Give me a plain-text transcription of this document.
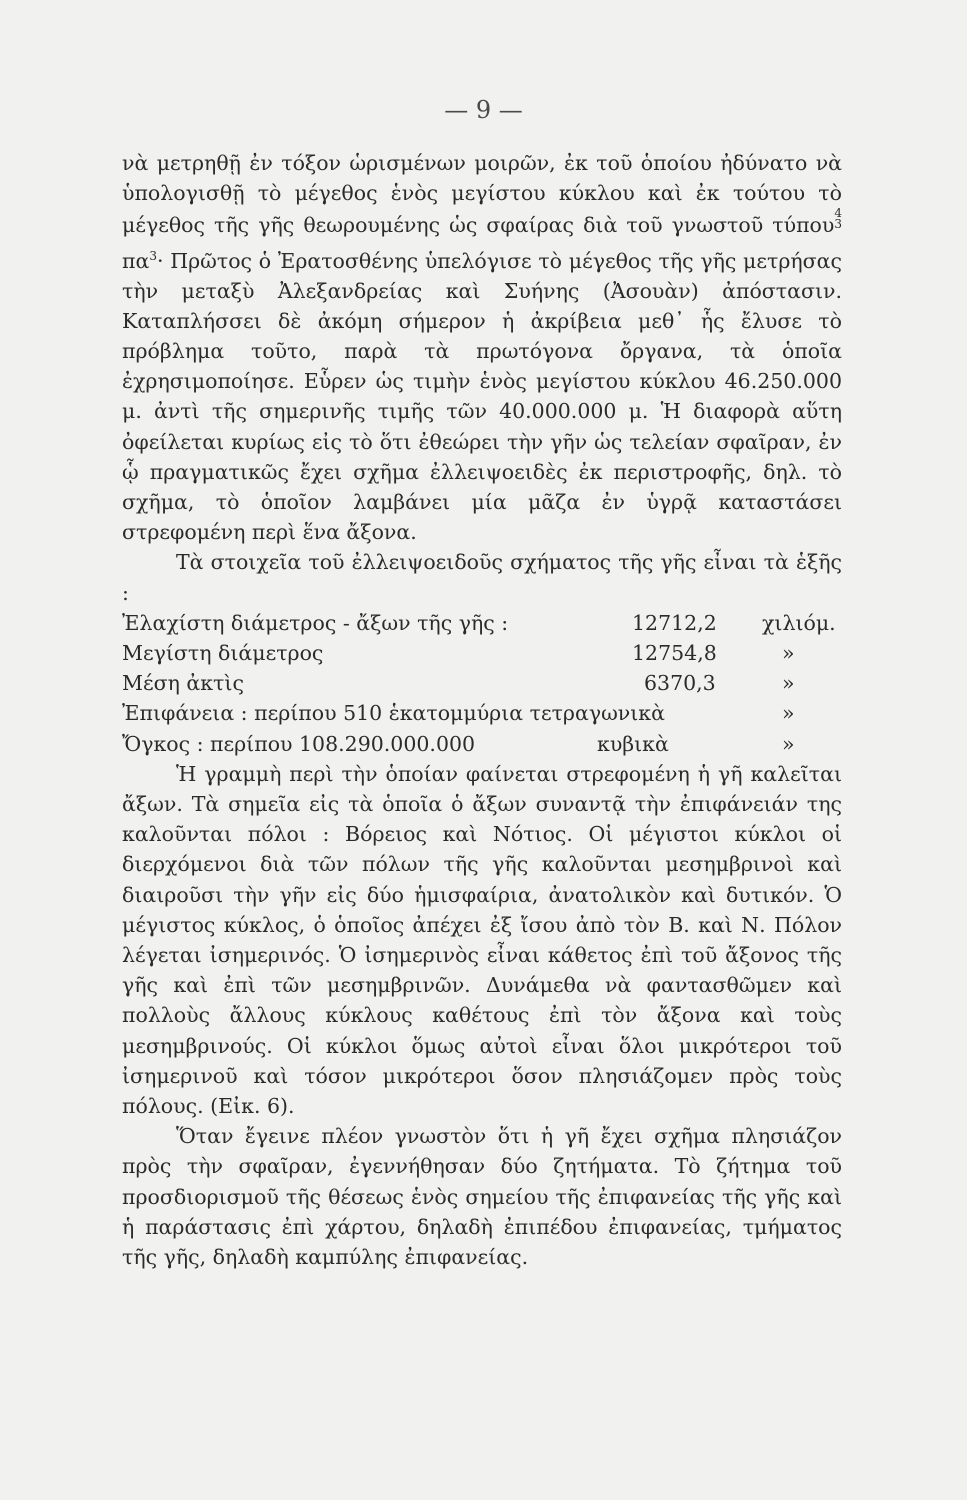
— 9 —

νὰ μετρηθῇ ἐν τόξον ὡρισμένων μοιρῶν, ἐκ τοῦ ὁποίου ἠδύνατο νὰ ὑπολογισθῇ τὸ μέγεθος ἑνὸς μεγίστου κύκλου καὶ ἐκ τούτου τὸ μέγεθος τῆς γῆς θεωρουμένης ὡς σφαίρας διὰ τοῦ γνωστοῦ τύπου4
3 $\pi\alpha^3\cdot$ Πρῶτος ὁ Ἐρατοσθένης ὑπελόγισε τὸ μέγεθος τῆς γῆς μετρήσας τὴν μεταξὺ Ἀλεξανδρείας καὶ Συήνης (Ἀσουὰν) ἀπόστασιν. Καταπλήσσει δὲ ἀκόμη σήμερον ἡ ἀκρίβεια μεθ᾽ ἧς ἔλυσε τὸ πρόβλημα τοῦτο, παρὰ τὰ πρωτόγονα ὄργανα, τὰ ὁποῖα ἐχρησιμοποίησε. Εὗρεν ὡς τιμὴν ἑνὸς μεγίστου κύκλου 46.250.000 μ. ἀντὶ τῆς σημερινῆς τιμῆς τῶν 40.000.000 μ. Ἡ διαφορὰ αὕτη ὀφείλεται κυρίως εἰς τὸ ὅτι ἐθεώρει τὴν γῆν ὡς τελείαν σφαῖραν, ἐν ᾧ πραγματικῶς ἔχει σχῆμα ἐλλειψοειδὲς ἐκ περιστροφῆς, δηλ. τὸ σχῆμα, τὸ ὁποῖον λαμβάνει μία μᾶζα ἐν ὑγρᾷ καταστάσει στρεφομένη περὶ ἕνα ἄξονα.

Τὰ στοιχεῖα τοῦ ἐλλειψοειδοῦς σχήματος τῆς γῆς εἶναι τὰ ἑξῆς :

Ἐλαχίστη διάμετρος - ἄξων τῆς γῆς :	12712,2 χιλιόμ.
Μεγίστη διάμετρος	12754,8	»
Μέση ἀκτὶς	6370,3	»
Ἐπιφάνεια : περίπου 510 ἑκατομμύρια τετραγωνικὰ	»
Ὄγκος : περίπου 108.290.000.000	κυβικὰ	»

Ἡ γραμμὴ περὶ τὴν ὁποίαν φαίνεται στρεφομένη ἡ γῆ καλεῖται ἄξων. Τὰ σημεῖα εἰς τὰ ὁποῖα ὁ ἄξων συναντᾷ τὴν ἐπιφάνειάν της καλοῦνται πόλοι : Βόρειος καὶ Νότιος. Οἱ μέγιστοι κύκλοι οἱ διερχόμενοι διὰ τῶν πόλων τῆς γῆς καλοῦνται μεσημβρινοὶ καὶ διαιροῦσι τὴν γῆν εἰς δύο ἡμισφαίρια, ἀνατολικὸν καὶ δυτικόν. Ὁ μέγιστος κύκλος, ὁ ὁποῖος ἀπέχει ἐξ ἴσου ἀπὸ τὸν Β. καὶ Ν. Πόλον λέγεται ἰσημερινός. Ὁ ἰσημερινὸς εἶναι κάθετος ἐπὶ τοῦ ἄξονος τῆς γῆς καὶ ἐπὶ τῶν μεσημβρινῶν. Δυνάμεθα νὰ φαντασθῶμεν καὶ πολλοὺς ἄλλους κύκλους καθέτους ἐπὶ τὸν ἄξονα καὶ τοὺς μεσημβρινούς. Οἱ κύκλοι ὅμως αὐτοὶ εἶναι ὅλοι μικρότεροι τοῦ ἰσημερινοῦ καὶ τόσον μικρότεροι ὅσον πλησιάζομεν πρὸς τοὺς πόλους. (Εἰκ. 6).

Ὅταν ἔγεινε πλέον γνωστὸν ὅτι ἡ γῆ ἔχει σχῆμα πλησιάζον πρὸς τὴν σφαῖραν, ἐγεννήθησαν δύο ζητήματα. Τὸ ζήτημα τοῦ προσδιορισμοῦ τῆς θέσεως ἑνὸς σημείου τῆς ἐπιφανείας τῆς γῆς καὶ ἡ παράστασις ἐπὶ χάρτου, δηλαδὴ ἐπιπέδου ἐπιφανείας, τμήματος τῆς γῆς, δηλαδὴ καμπύλης ἐπιφανείας.
